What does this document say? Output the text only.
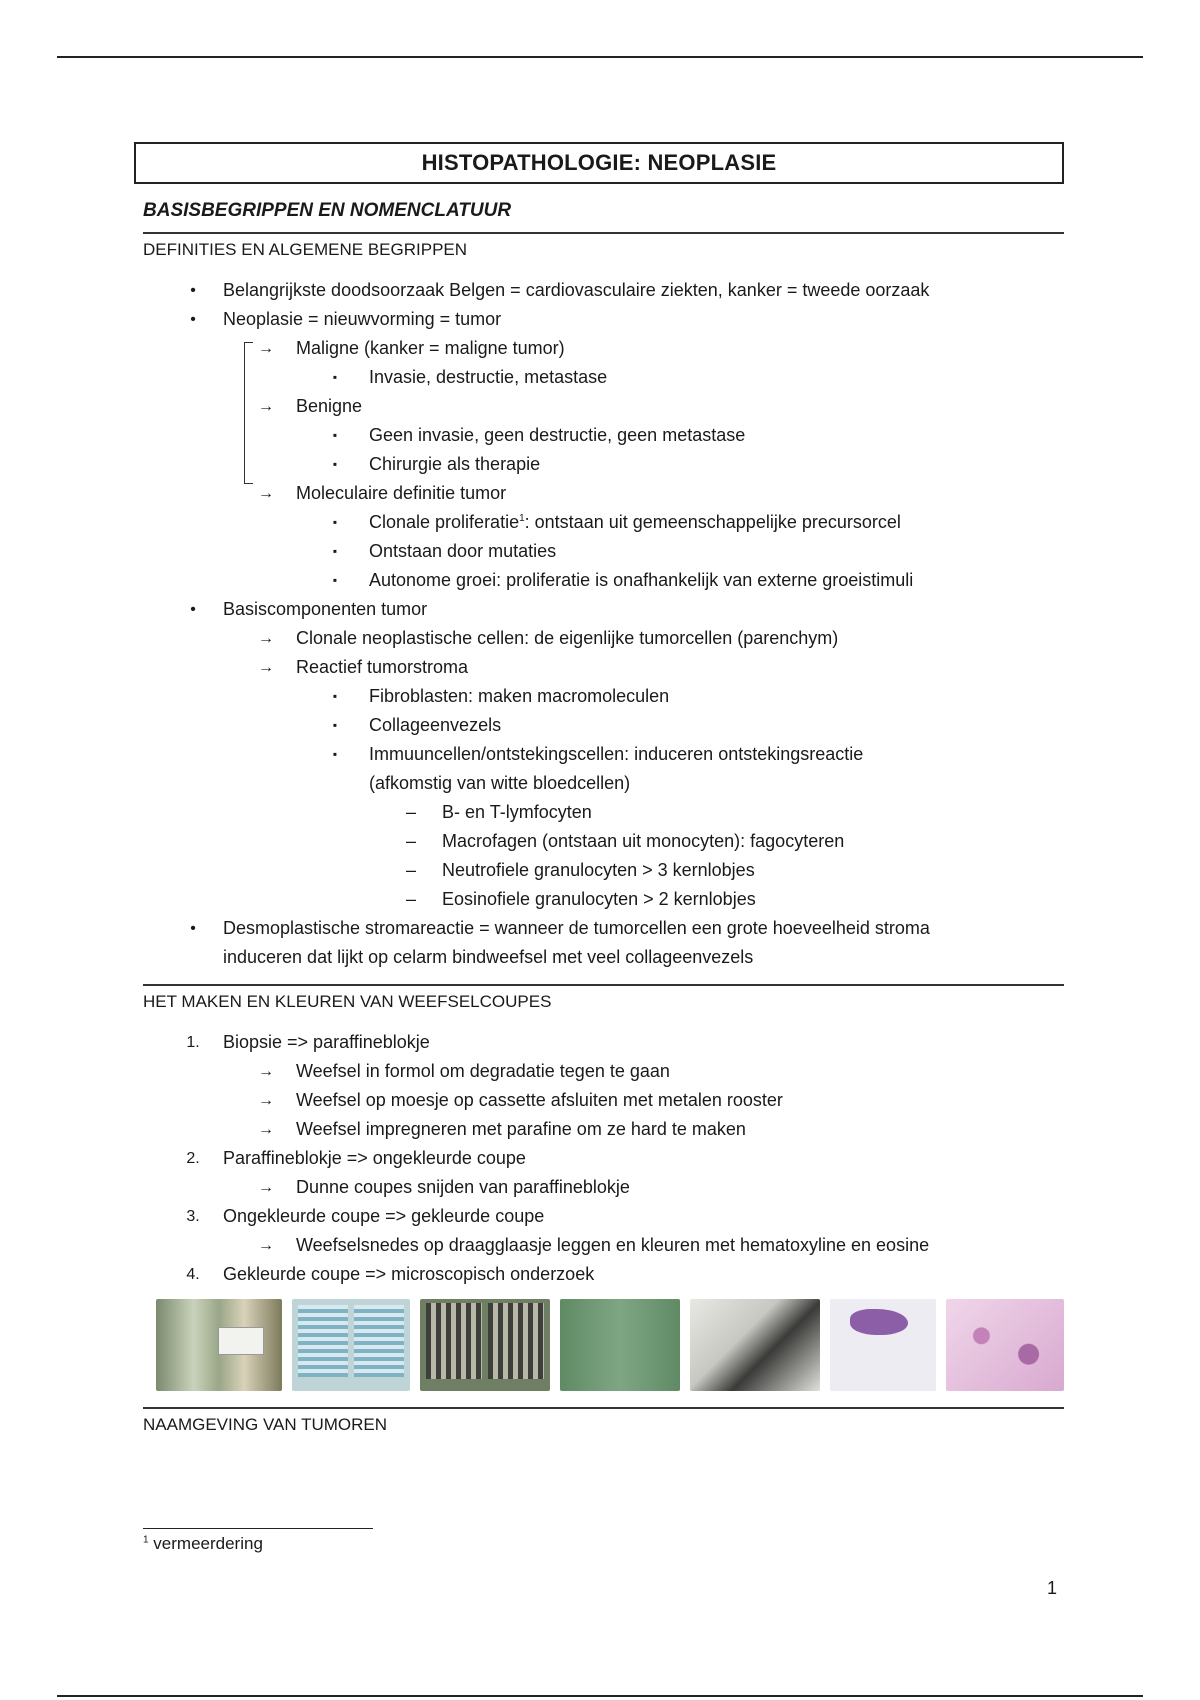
HISTOPATHOLOGIE: NEOPLASIE
BASISBEGRIPPEN EN NOMENCLATUUR
DEFINITIES EN ALGEMENE BEGRIPPEN
• Belangrijkste doodsoorzaak Belgen = cardiovasculaire ziekten, kanker = tweede oorzaak
• Neoplasie = nieuwvorming = tumor
→ Maligne (kanker = maligne tumor)
▪ Invasie, destructie, metastase
→ Benigne
▪ Geen invasie, geen destructie, geen metastase
▪ Chirurgie als therapie
→ Moleculaire definitie tumor
▪ Clonale proliferatie$^1$: ontstaan uit gemeenschappelijke precursorcel
▪ Ontstaan door mutaties
▪ Autonome groei: proliferatie is onafhankelijk van externe groeistimuli
• Basiscomponenten tumor
→ Clonale neoplastische cellen: de eigenlijke tumorcellen (parenchym)
→ Reactief tumorstroma
▪ Fibroblasten: maken macromoleculen
▪ Collageenvezels
▪ Immuuncellen/ontstekingscellen: induceren ontstekingsreactie
(afkomstig van witte bloedcellen)
– B- en T-lymfocyten
– Macrofagen (ontstaan uit monocyten): fagocyteren
– Neutrofiele granulocyten > 3 kernlobjes
– Eosinofiele granulocyten > 2 kernlobjes
• Desmoplastische stromareactie = wanneer de tumorcellen een grote hoeveelheid stroma
induceren dat lijkt op celarm bindweefsel met veel collageenvezels
HET MAKEN EN KLEUREN VAN WEEFSELCOUPES
1. Biopsie => paraffineblokje
→ Weefsel in formol om degradatie tegen te gaan
→ Weefsel op moesje op cassette afsluiten met metalen rooster
→ Weefsel impregneren met parafine om ze hard te maken
2. Paraffineblokje => ongekleurde coupe
→ Dunne coupes snijden van paraffineblokje
3. Ongekleurde coupe => gekleurde coupe
→ Weefselsnedes op draagglaasje leggen en kleuren met hematoxyline en eosine
4. Gekleurde coupe => microscopisch onderzoek
NAAMGEVING VAN TUMOREN
$^1$ vermeerdering
1
